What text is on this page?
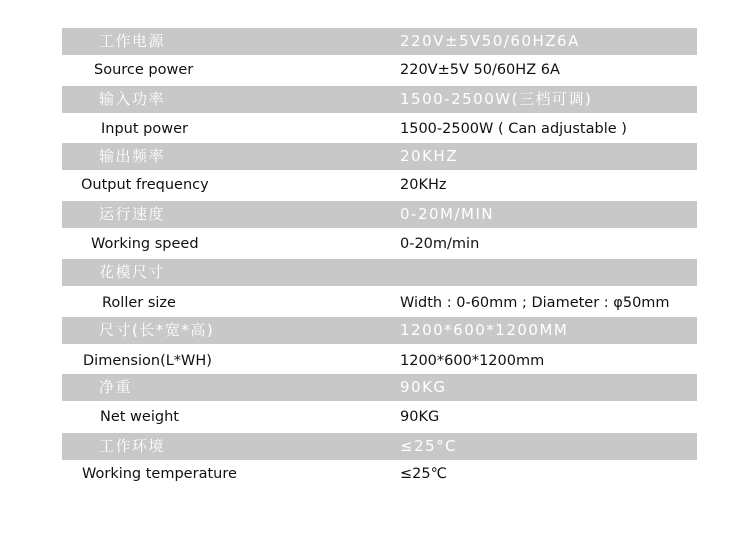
工作电源	220V±5V50/60HZ6A
Source power	220V±5V 50/60HZ 6A
输入功率	1500-2500W(三档可调)
Input power	1500-2500W ( Can adjustable )
输出频率	20KHZ
Output frequency	20KHz
运行速度	0-20M/MIN
Working speed	0-20m/min
花模尺寸
Roller size	Width : 0-60mm ; Diameter : φ50mm
尺寸(长*宽*高)	1200*600*1200MM
Dimension(L*WH)	1200*600*1200mm
净重	90KG
Net weight	90KG
工作环境	≤25°C
Working temperature	≤25℃
